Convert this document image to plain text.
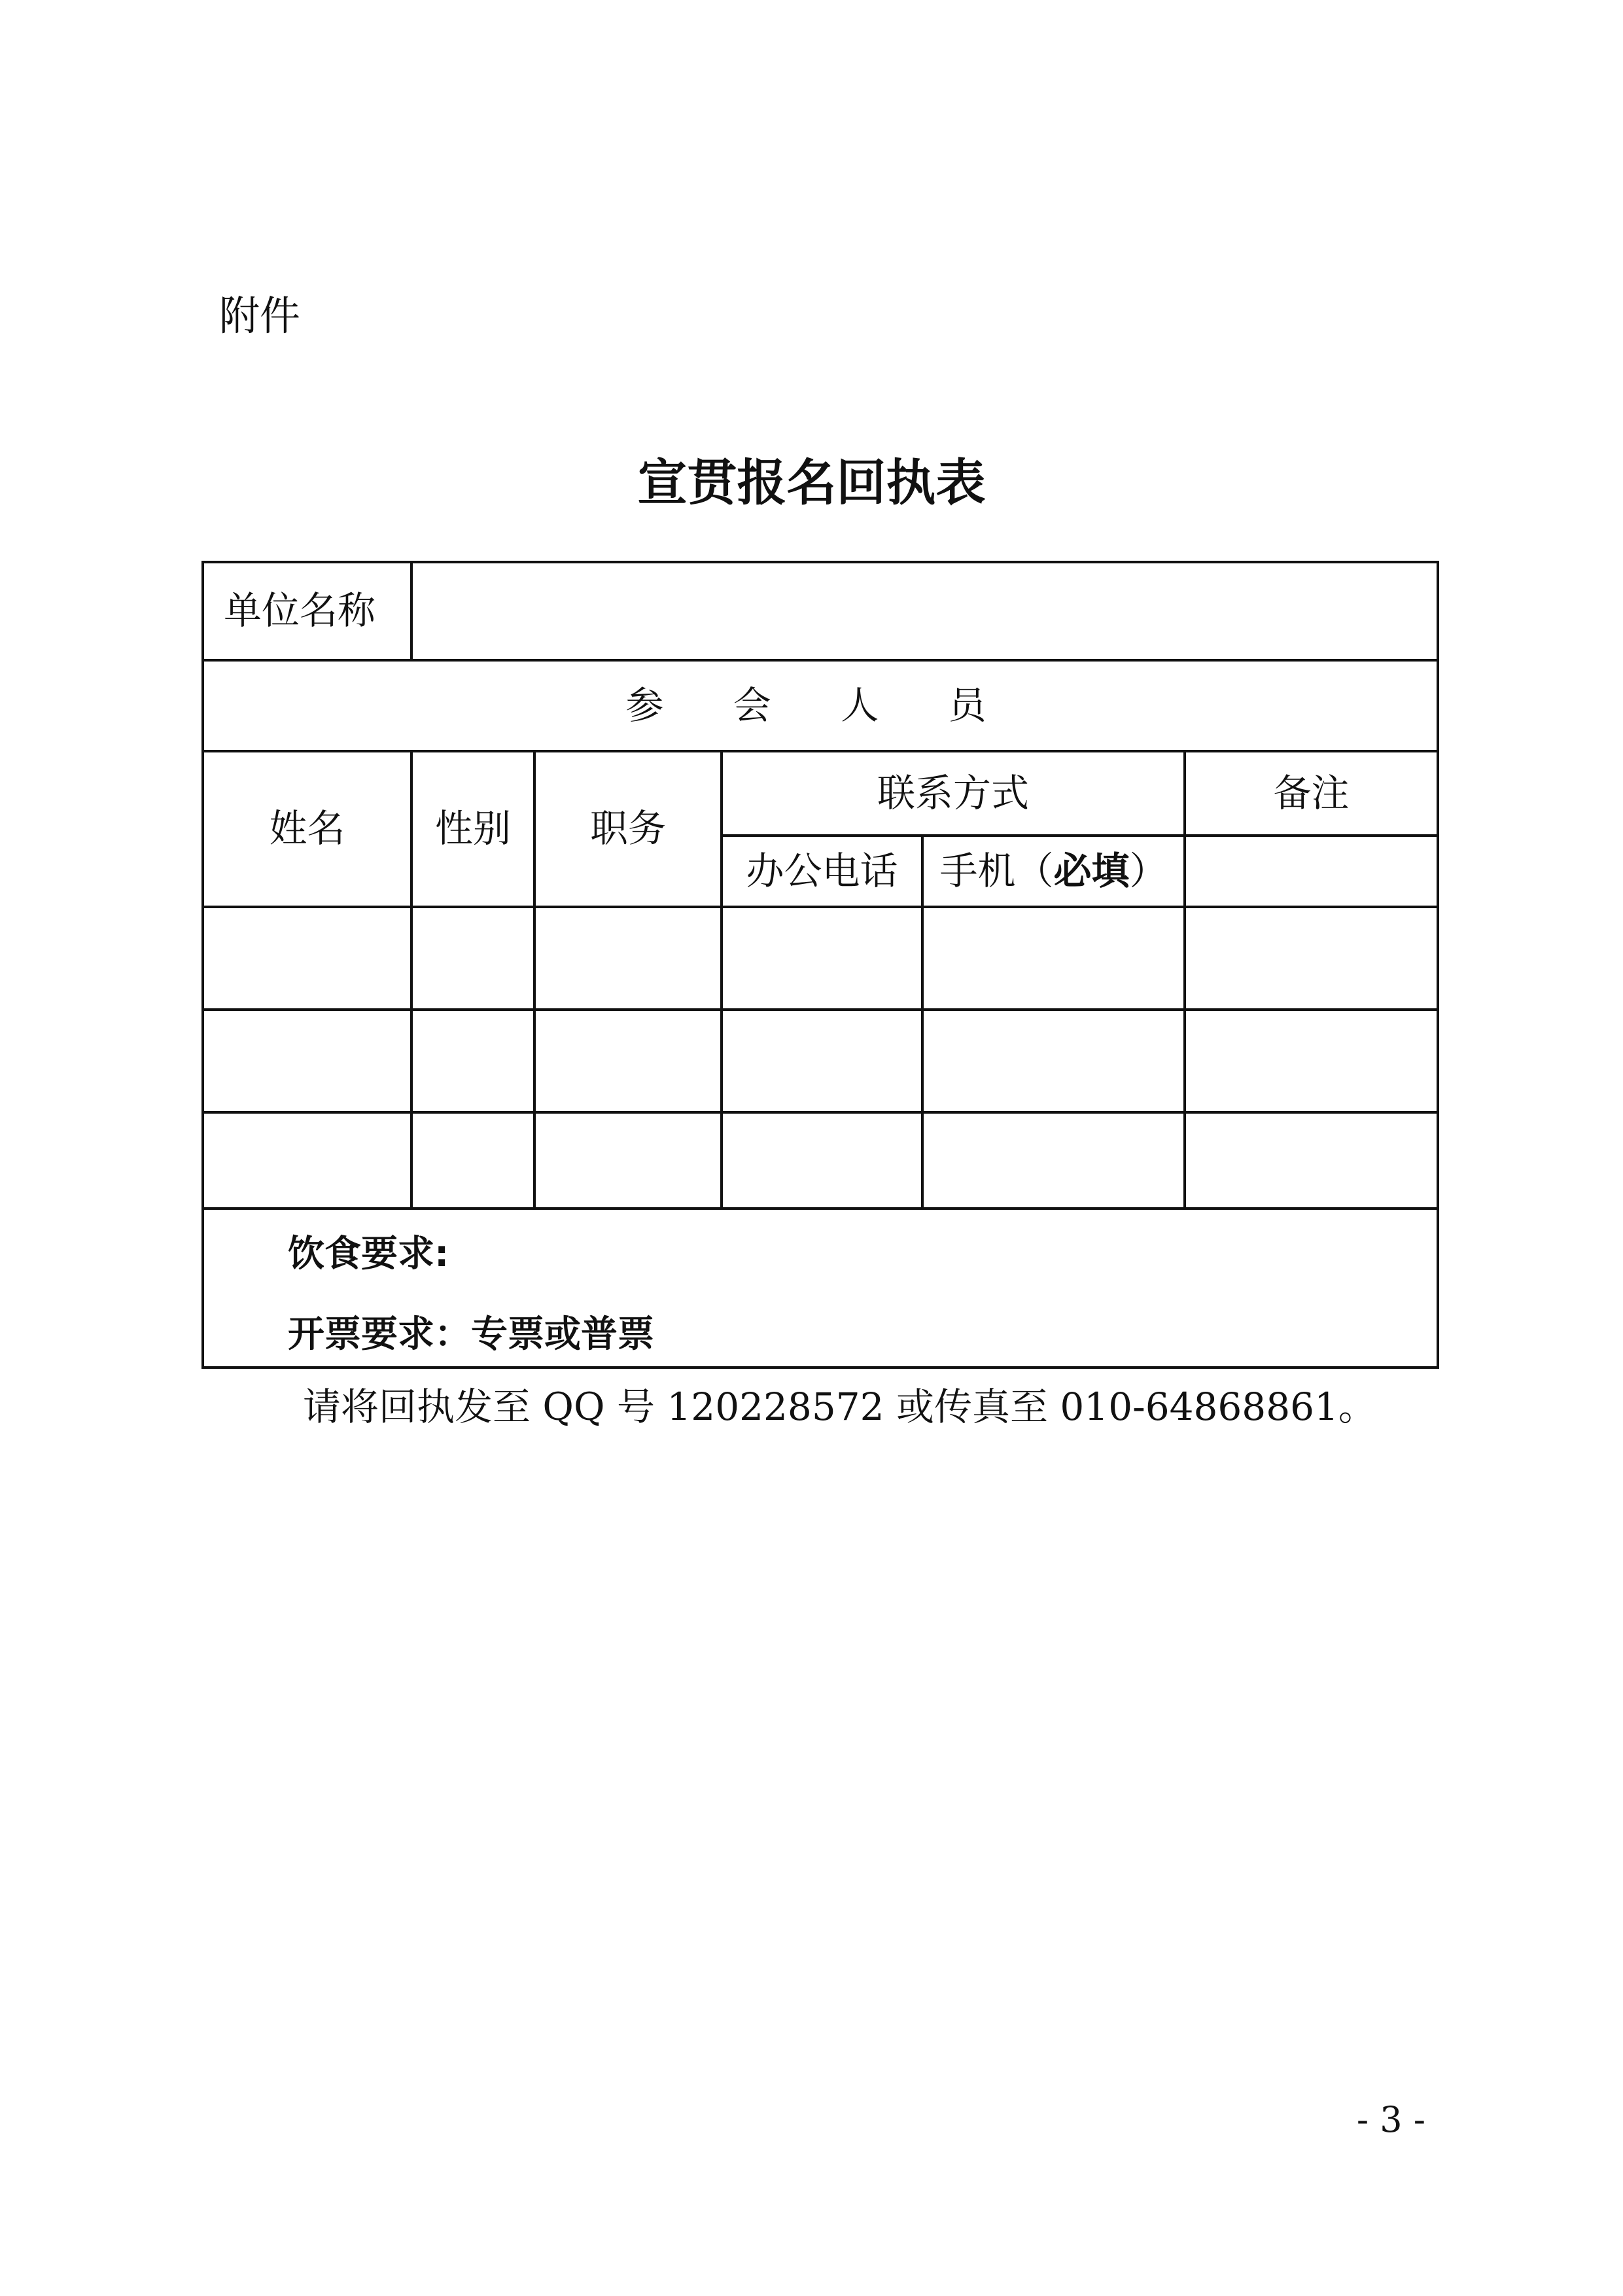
附件
宣贯报名回执表
单位名称					
参 会 人 员					
姓名	性别	职务	联系方式		备注
			办公电话	手机（必填）	

饮食要求:
开票要求：专票或普票					
请将回执发至 QQ 号 120228572 或传真至 010-64868861。
- 3 -
